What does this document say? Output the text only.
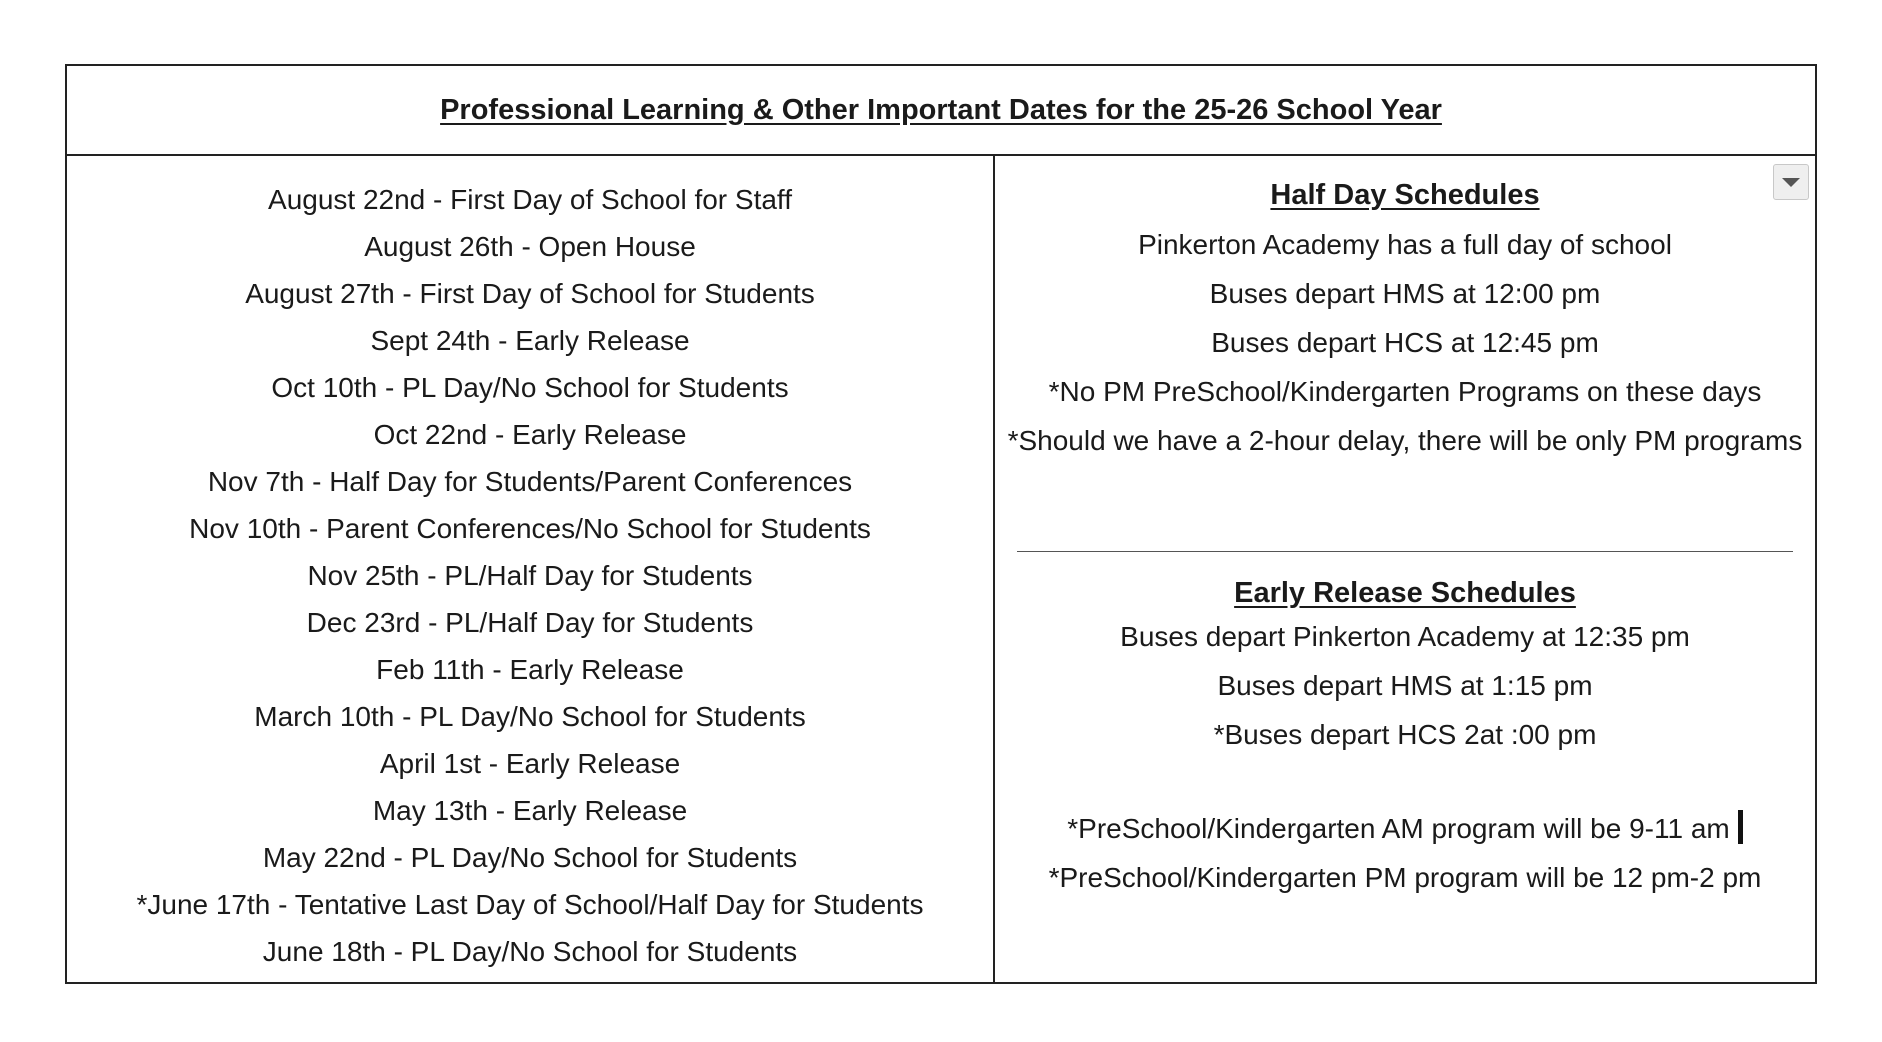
Professional Learning & Other Important Dates for the 25-26 School Year
August 22nd - First Day of School for Staff
August 26th - Open House
August 27th - First Day of School for Students
Sept 24th - Early Release
Oct 10th - PL Day/No School for Students
Oct 22nd - Early Release
Nov 7th - Half Day for Students/Parent Conferences
Nov 10th - Parent Conferences/No School for Students
Nov 25th - PL/Half Day for Students
Dec 23rd - PL/Half Day for Students
Feb 11th - Early Release
March 10th - PL Day/No School for Students
April 1st - Early Release
May 13th - Early Release
May 22nd - PL Day/No School for Students
*June 17th - Tentative Last Day of School/Half Day for Students
June 18th - PL Day/No School for Students
Half Day Schedules
Pinkerton Academy has a full day of school
Buses depart HMS at 12:00 pm
Buses depart HCS at 12:45 pm
*No PM PreSchool/Kindergarten Programs on these days
*Should we have a 2-hour delay, there will be only PM programs
Early Release Schedules
Buses depart Pinkerton Academy at 12:35 pm
Buses depart HMS at 1:15 pm
*Buses depart HCS 2at :00 pm
*PreSchool/Kindergarten AM program will be 9-11 am
*PreSchool/Kindergarten PM program will be 12 pm-2 pm
